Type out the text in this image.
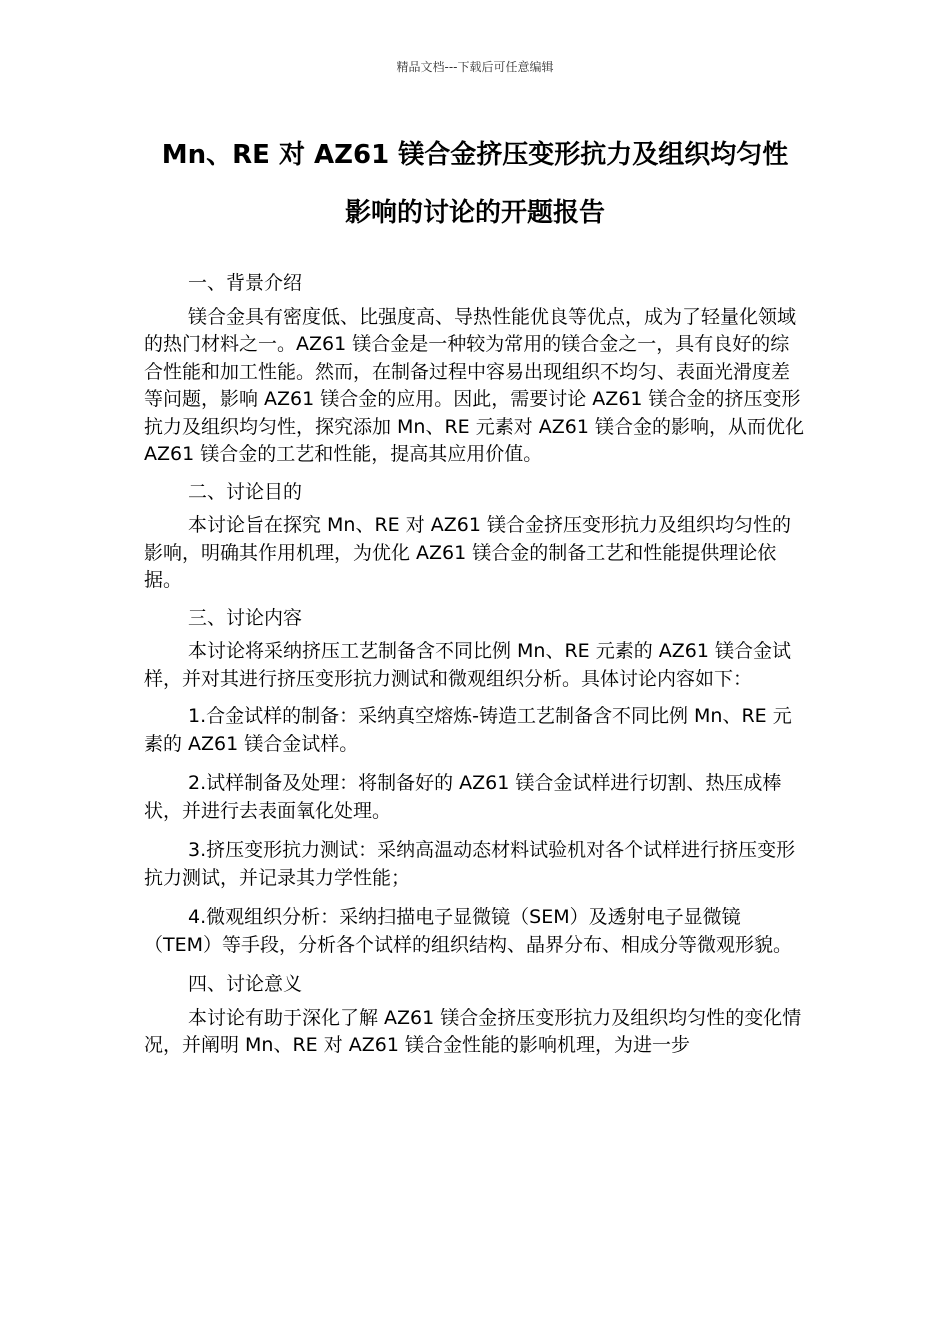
精品文档---下载后可任意编辑
Mn、RE 对 AZ61 镁合金挤压变形抗力及组织均匀性
影响的讨论的开题报告

一、背景介绍

镁合金具有密度低、比强度高、导热性能优良等优点，成为了轻量化领域的热门材料之一。AZ61 镁合金是一种较为常用的镁合金之一，具有良好的综合性能和加工性能。然而，在制备过程中容易出现组织不均匀、表面光滑度差等问题，影响 AZ61 镁合金的应用。因此，需要讨论 AZ61 镁合金的挤压变形抗力及组织均匀性，探究添加 Mn、RE 元素对 AZ61 镁合金的影响，从而优化 AZ61 镁合金的工艺和性能，提高其应用价值。

二、讨论目的

本讨论旨在探究 Mn、RE 对 AZ61 镁合金挤压变形抗力及组织均匀性的影响，明确其作用机理，为优化 AZ61 镁合金的制备工艺和性能提供理论依据。

三、讨论内容

本讨论将采纳挤压工艺制备含不同比例 Mn、RE 元素的 AZ61 镁合金试样，并对其进行挤压变形抗力测试和微观组织分析。具体讨论内容如下：

1.合金试样的制备：采纳真空熔炼-铸造工艺制备含不同比例 Mn、RE 元素的 AZ61 镁合金试样。

2.试样制备及处理：将制备好的 AZ61 镁合金试样进行切割、热压成棒状，并进行去表面氧化处理。

3.挤压变形抗力测试：采纳高温动态材料试验机对各个试样进行挤压变形抗力测试，并记录其力学性能；

4.微观组织分析：采纳扫描电子显微镜（SEM）及透射电子显微镜（TEM）等手段，分析各个试样的组织结构、晶界分布、相成分等微观形貌。

四、讨论意义

本讨论有助于深化了解 AZ61 镁合金挤压变形抗力及组织均匀性的变化情况，并阐明 Mn、RE 对 AZ61 镁合金性能的影响机理，为进一步
